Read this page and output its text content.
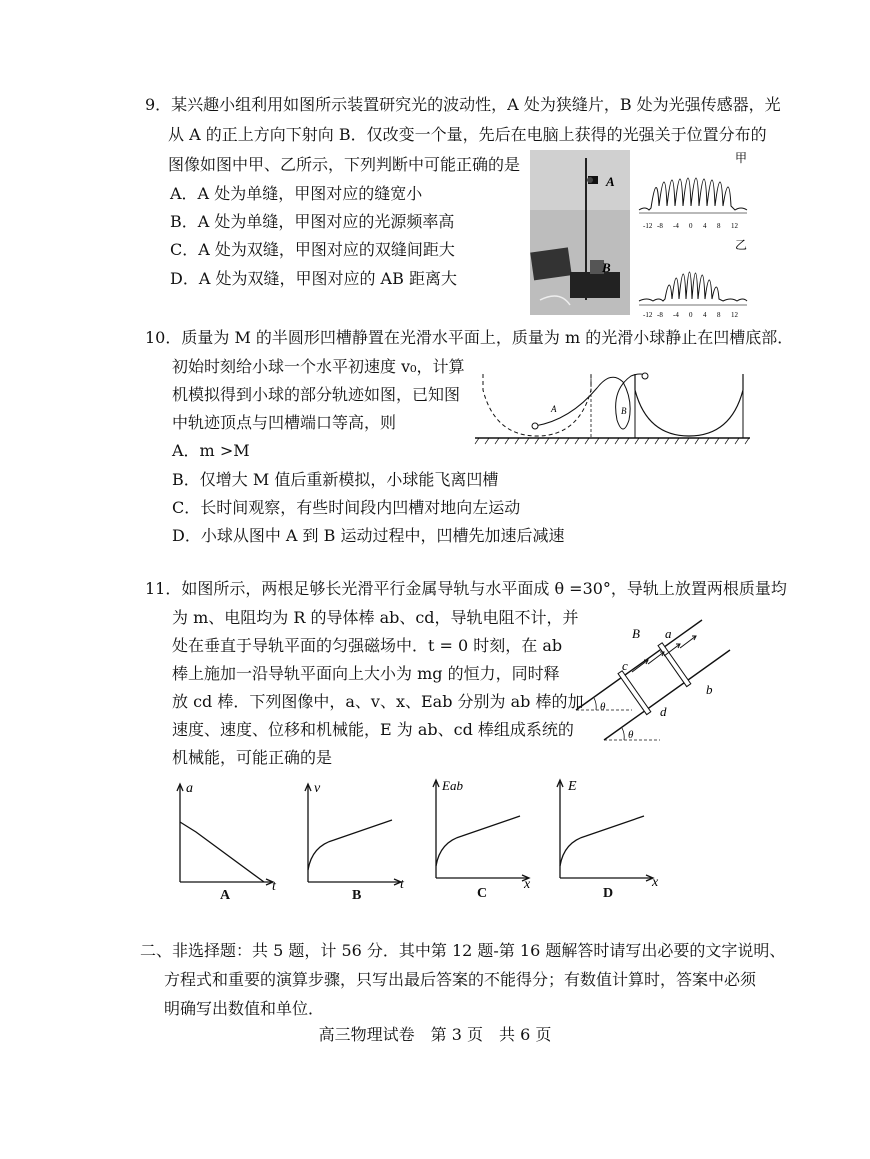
9．某兴趣小组利用如图所示装置研究光的波动性，A 处为狭缝片，B 处为光强传感器，光
从 A 的正上方向下射向 B．仅改变一个量，先后在电脑上获得的光强关于位置分布的
图像如图中甲、乙所示，下列判断中可能正确的是
A．A 处为单缝，甲图对应的缝宽小
B．A 处为单缝，甲图对应的光源频率高
C．A 处为双缝，甲图对应的双缝间距大
D．A 处为双缝，甲图对应的 AB 距离大
A
B
甲
-12 -8 -4 0 4 8 12
乙
-12 -8 -4 0 4 8 12
10．质量为 M 的半圆形凹槽静置在光滑水平面上，质量为 m 的光滑小球静止在凹槽底部．
初始时刻给小球一个水平初速度 v₀，计算
机模拟得到小球的部分轨迹如图，已知图
中轨迹顶点与凹槽端口等高，则
A．m >M
B．仅增大 M 值后重新模拟，小球能飞离凹槽
C．长时间观察，有些时间段内凹槽对地向左运动
D．小球从图中 A 到 B 运动过程中，凹槽先加速后减速
A	B
11．如图所示，两根足够长光滑平行金属导轨与水平面成 θ =30°，导轨上放置两根质量均
为 m、电阻均为 R 的导体棒 ab、cd，导轨电阻不计，并
处在垂直于导轨平面的匀强磁场中．t = 0 时刻，在 ab
棒上施加一沿导轨平面向上大小为 mg 的恒力，同时释
放 cd 棒．下列图像中，a、v、x、Eab 分别为 ab 棒的加
速度、速度、位移和机械能，E 为 ab、cd 棒组成系统的
机械能，可能正确的是
B a
b
c
d
θ
θ
a
t
A
v
t
B
Eab
x
C
E
x
D
二、非选择题：共 5 题，计 56 分．其中第 12 题-第 16 题解答时请写出必要的文字说明、
方程式和重要的演算步骤，只写出最后答案的不能得分；有数值计算时，答案中必须
明确写出数值和单位．
高三物理试卷　第 3 页　共 6 页
